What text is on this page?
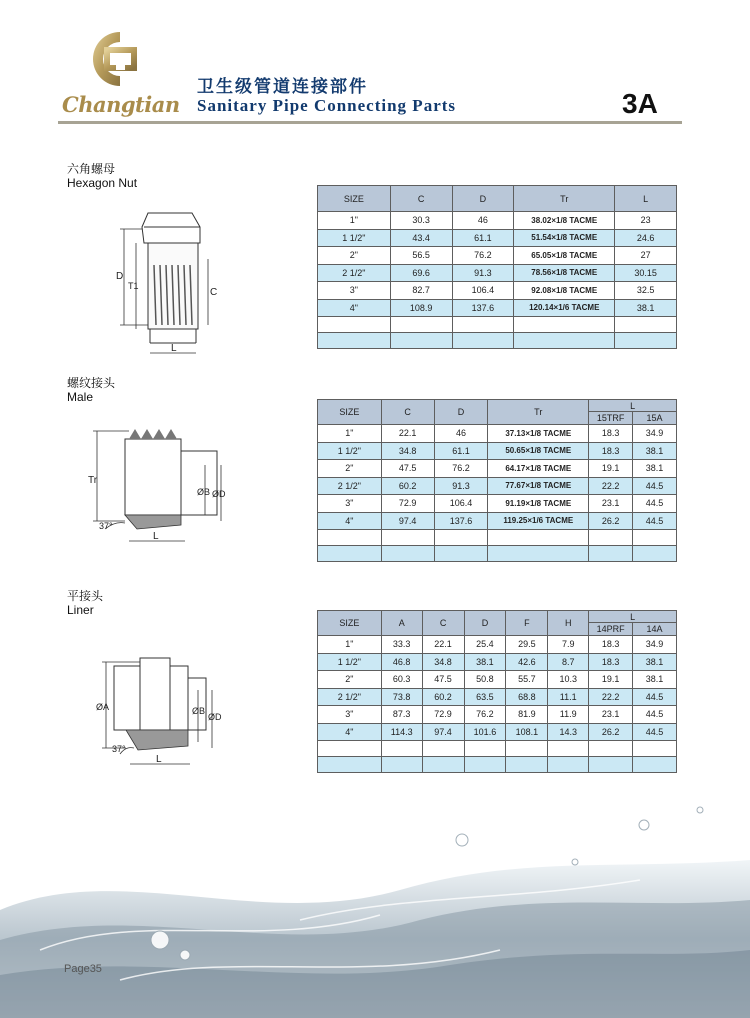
卫生级管道连接部件
Sanitary Pipe Connecting Parts	3A
Changtian
六角螺母
Hexagon Nut
D
T1
C
L
SIZE	C	D	Tr	L
1"	30.3	46	38.02×1/8 TACME	23
1 1/2"	43.4	61.1	51.54×1/8 TACME	24.6
2"	56.5	76.2	65.05×1/8 TACME	27
2 1/2"	69.6	91.3	78.56×1/8 TACME	30.15
3"	82.7	106.4	92.08×1/8 TACME	32.5
4"	108.9	137.6	120.14×1/6 TACME	38.1

螺纹接头
Male
Tr
ØB ØD
37°
L
SIZE	C	D	Tr	L	
				15TRF	15A
1"	22.1	46	37.13×1/8 TACME	18.3	34.9
1 1/2"	34.8	61.1	50.65×1/8 TACME	18.3	38.1
2"	47.5	76.2	64.17×1/8 TACME	19.1	38.1
2 1/2"	60.2	91.3	77.67×1/8 TACME	22.2	44.5
3"	72.9	106.4	91.19×1/8 TACME	23.1	44.5
4"	97.4	137.6	119.25×1/6 TACME	26.2	44.5

平接头
Liner
ØA	ØB
ØD
37°
L
SIZE	A	C	D	F	H	L	
						14PRF	14A
1"	33.3	22.1	25.4	29.5	7.9	18.3	34.9
1 1/2"	46.8	34.8	38.1	42.6	8.7	18.3	38.1
2"	60.3	47.5	50.8	55.7	10.3	19.1	38.1
2 1/2"	73.8	60.2	63.5	68.8	11.1	22.2	44.5
3"	87.3	72.9	76.2	81.9	11.9	23.1	44.5
4"	114.3	97.4	101.6	108.1	14.3	26.2	44.5

Page35
